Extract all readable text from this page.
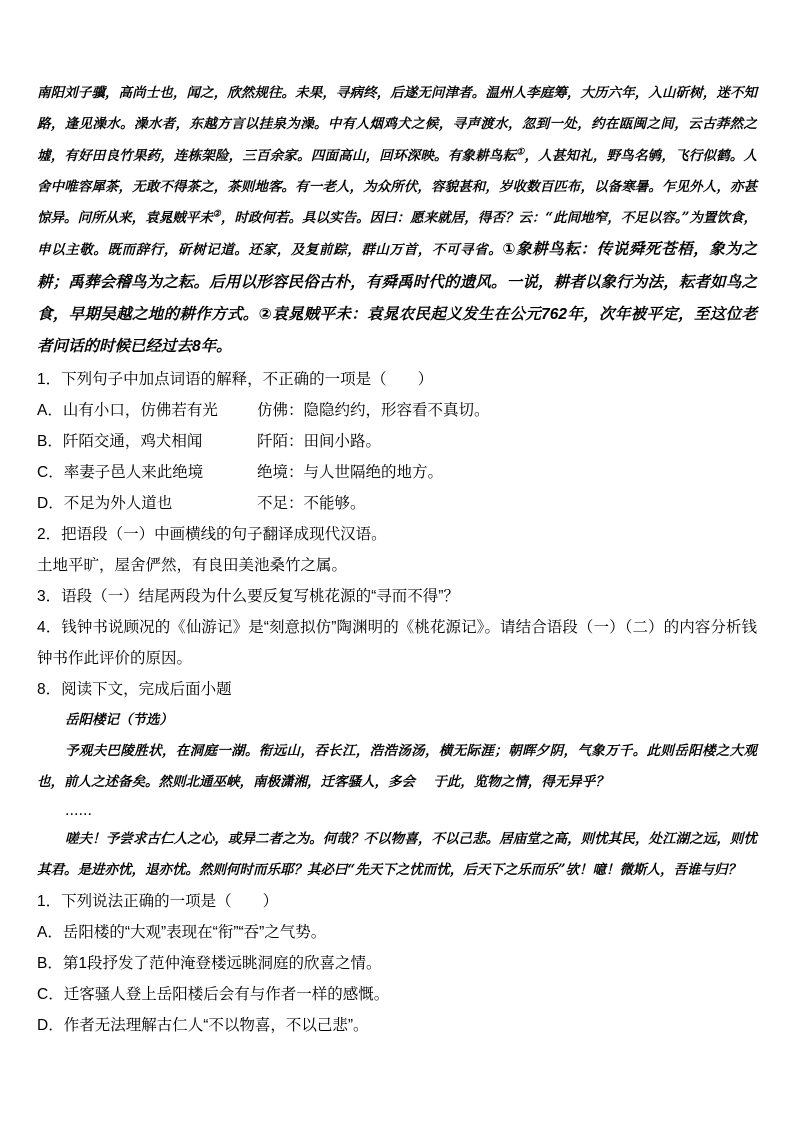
南阳刘子骥，高尚士也，闻之，欣然规往。未果，寻病终，后遂无问津者。温州人李庭筹，大历六年，入山斫树，迷不知路，逢见澡水。澡水者，东越方言以挂泉为澡。中有人烟鸡犬之候，寻声渡水，忽到一处，约在瓯闽之间，云古莽然之墟，有好田良竹果药，连栋架险，三百余家。四面高山，回环深映。有象耕鸟耘①，人甚知礼，野鸟名鸲，飞行似鹤。人舍中唯容犀茶，无敢不得茶之，茶则地客。有一老人，为众所伏，容貌甚和，岁收数百匹布，以备寒暑。乍见外人，亦甚惊异。问所从来，袁晁贼平未②，时政何若。具以实告。因曰：愿来就居，得否？云：“此间地窄，不足以容。”为置饮食，申以主敬。既而辞行，斫树记道。还家，及复前踪，群山万首，不可寻省。①象耕鸟耘：传说舜死苍梧，象为之耕；禹葬会稽鸟为之耘。后用以形容民俗古朴，有舜禹时代的遗风。一说，耕者以象行为法，耘者如鸟之食，早期吴越之地的耕作方式。②袁晁贼平未：袁晁农民起义发生在公元762年，次年被平定，至这位老者问话的时候已经过去8年。

1．下列句子中加点词语的解释，不正确的一项是（　　）

A．山有小口，仿佛若有光	仿佛：隐隐约约，形容看不真切。
B．阡陌交通，鸡犬相闻	阡陌：田间小路。
C．率妻子邑人来此绝境	绝境：与人世隔绝的地方。
D．不足为外人道也	不足：不能够。

2．把语段（一）中画横线的句子翻译成现代汉语。

土地平旷，屋舍俨然，有良田美池桑竹之属。

3．语段（一）结尾两段为什么要反复写桃花源的“寻而不得”？

4．钱钟书说顾况的《仙游记》是“刻意拟仿”陶渊明的《桃花源记》。请结合语段（一）（二）的内容分析钱钟书作此评价的原因。

8．阅读下文，完成后面小题

岳阳楼记（节选）

予观夫巴陵胜状，在洞庭一湖。衔远山，吞长江，浩浩汤汤，横无际涯；朝晖夕阴，气象万千。此则岳阳楼之大观也，前人之述备矣。然则北通巫峡，南极潇湘，迁客骚人，多会　 于此，览物之情，得无异乎？

……

嗟夫！予尝求古仁人之心，或异二者之为。何哉？不以物喜，不以己悲。居庙堂之高，则忧其民，处江湖之远，则忧其君。是进亦忧，退亦忧。然则何时而乐耶？其必曰“先天下之忧而忧，后天下之乐而乐”欤！噫！微斯人，吾谁与归？

1．下列说法正确的一项是（　　）

A．岳阳楼的“大观”表现在“衔”“吞”之气势。

B．第1段抒发了范仲淹登楼远眺洞庭的欣喜之情。

C．迁客骚人登上岳阳楼后会有与作者一样的感慨。

D．作者无法理解古仁人“不以物喜，不以己悲”。
